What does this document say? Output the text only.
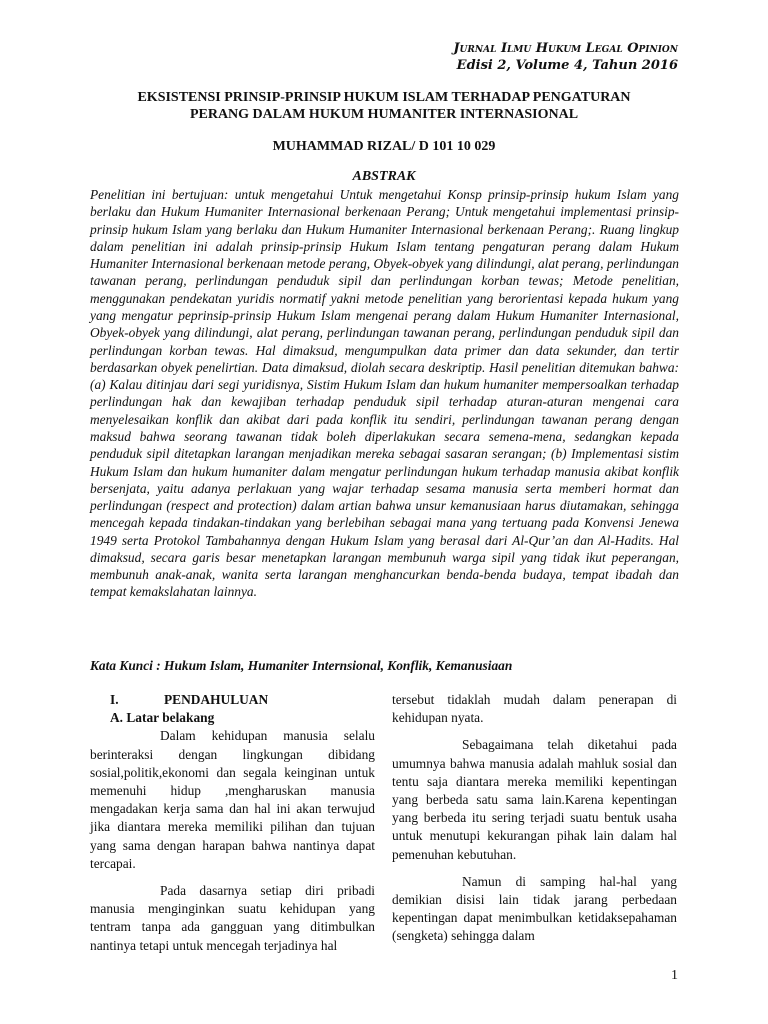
Jurnal Ilmu Hukum Legal Opinion
Edisi 2, Volume 4, Tahun 2016
EKSISTENSI PRINSIP-PRINSIP HUKUM ISLAM TERHADAP PENGATURAN
PERANG DALAM HUKUM HUMANITER INTERNASIONAL
MUHAMMAD RIZAL/ D 101 10 029
ABSTRAK

Penelitian ini bertujuan: untuk mengetahui Untuk mengetahui Konsp prinsip-prinsip hukum Islam yang berlaku dan Hukum Humaniter Internasional berkenaan Perang; Untuk mengetahui implementasi prinsip-prinsip hukum Islam yang berlaku dan Hukum Humaniter Internasional berkenaan Perang;. Ruang lingkup dalam penelitian ini adalah prinsip-prinsip Hukum Islam tentang pengaturan perang dalam Hukum Humaniter Internasional berkenaan metode perang, Obyek-obyek yang dilindungi, alat perang, perlindungan tawanan perang, perlindungan penduduk sipil dan perlindungan korban tewas; Metode penelitian, menggunakan pendekatan yuridis normatif yakni metode penelitian yang berorientasi kepada hukum yang yang mengatur peprinsip-prinsip Hukum Islam mengenai perang dalam Hukum Humaniter Internasional, Obyek-obyek yang dilindungi, alat perang, perlindungan tawanan perang, perlindungan penduduk sipil dan perlindungan korban tewas. Hal dimaksud, mengumpulkan data primer dan data sekunder, dan tertir berdasarkan obyek penelirtian. Data dimaksud, diolah secara deskriptip. Hasil penelitian ditemukan bahwa: (a) Kalau ditinjau dari segi yuridisnya, Sistim Hukum Islam dan hukum humaniter mempersoalkan terhadap perlindungan hak dan kewajiban terhadap penduduk sipil terhadap aturan-aturan mengenai cara menyelesaikan konflik dan akibat dari pada konflik itu sendiri, perlindungan tawanan perang dengan maksud bahwa seorang tawanan tidak boleh diperlakukan secara semena-mena, sedangkan kepada penduduk sipil ditetapkan larangan menjadikan mereka sebagai sasaran serangan; (b) Implementasi sistim Hukum Islam dan hukum humaniter dalam mengatur perlindungan hukum terhadap manusia akibat konflik bersenjata, yaitu adanya perlakuan yang wajar terhadap sesama manusia serta memberi hormat dan perlindungan (respect and protection) dalam artian bahwa unsur kemanusiaan harus diutamakan, sehingga mencegah kepada tindakan-tindakan yang berlebihan sebagai mana yang tertuang pada Konvensi Jenewa 1949 serta Protokol Tambahannya dengan Hukum Islam yang berasal dari Al-Qur’an dan Al-Hadits. Hal dimaksud, secara garis besar menetapkan larangan membunuh warga sipil yang tidak ikut peperangan, membunuh anak-anak, wanita serta larangan menghancurkan benda-benda budaya, tempat ibadah dan tempat kemakslahatan lainnya.

Kata Kunci : Hukum Islam, Humaniter Internsional, Konflik, Kemanusiaan

I.	PENDAHULUAN

A. Latar belakang

Dalam kehidupan manusia selalu berinteraksi dengan lingkungan dibidang sosial,politik,ekonomi dan segala keinginan untuk memenuhi hidup ,mengharuskan manusia mengadakan kerja sama dan hal ini akan terwujud jika diantara mereka memiliki pilihan dan tujuan yang sama dengan harapan bahwa nantinya dapat tercapai.

Pada dasarnya setiap diri pribadi manusia menginginkan suatu kehidupan yang tentram tanpa ada gangguan yang ditimbulkan nantinya tetapi untuk mencegah terjadinya hal

tersebut tidaklah mudah dalam penerapan di kehidupan nyata.

Sebagaimana telah diketahui pada umumnya bahwa manusia adalah mahluk sosial dan tentu saja diantara mereka memiliki kepentingan yang berbeda satu sama lain.Karena kepentingan yang berbeda itu sering terjadi suatu bentuk usaha untuk menutupi kekurangan pihak lain dalam hal pemenuhan kebutuhan.

Namun di samping hal-hal yang demikian disisi lain tidak jarang perbedaan kepentingan dapat menimbulkan ketidaksepahaman (sengketa) sehingga dalam

1
